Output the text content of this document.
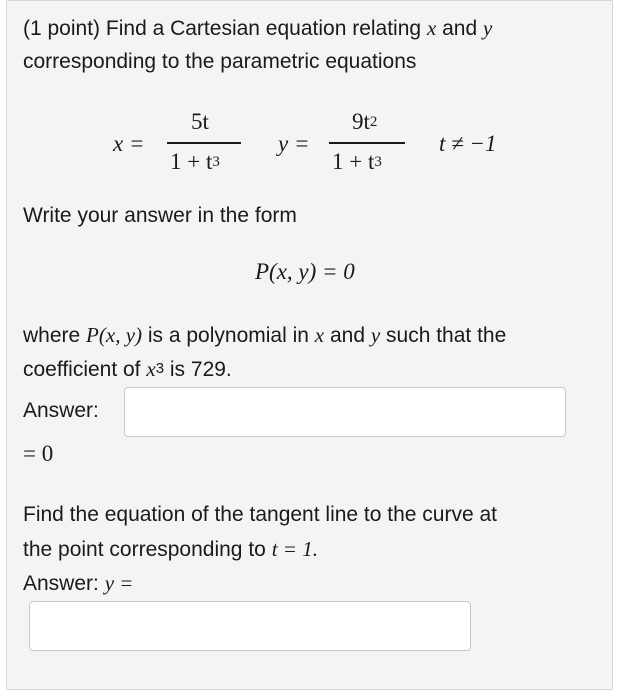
(1 point) Find a Cartesian equation relating x and y
corresponding to the parametric equations
x =
5t
$1 + t^3$
y =
$9t^2$
$1 + t^3$
t ≠ −1
Write your answer in the form
P(x, y) = 0
where P(x, y) is a polynomial in x and y such that the
coefficient of $x^3$ is 729.
Answer:
= 0
Find the equation of the tangent line to the curve at
the point corresponding to t = 1.
Answer: y =
